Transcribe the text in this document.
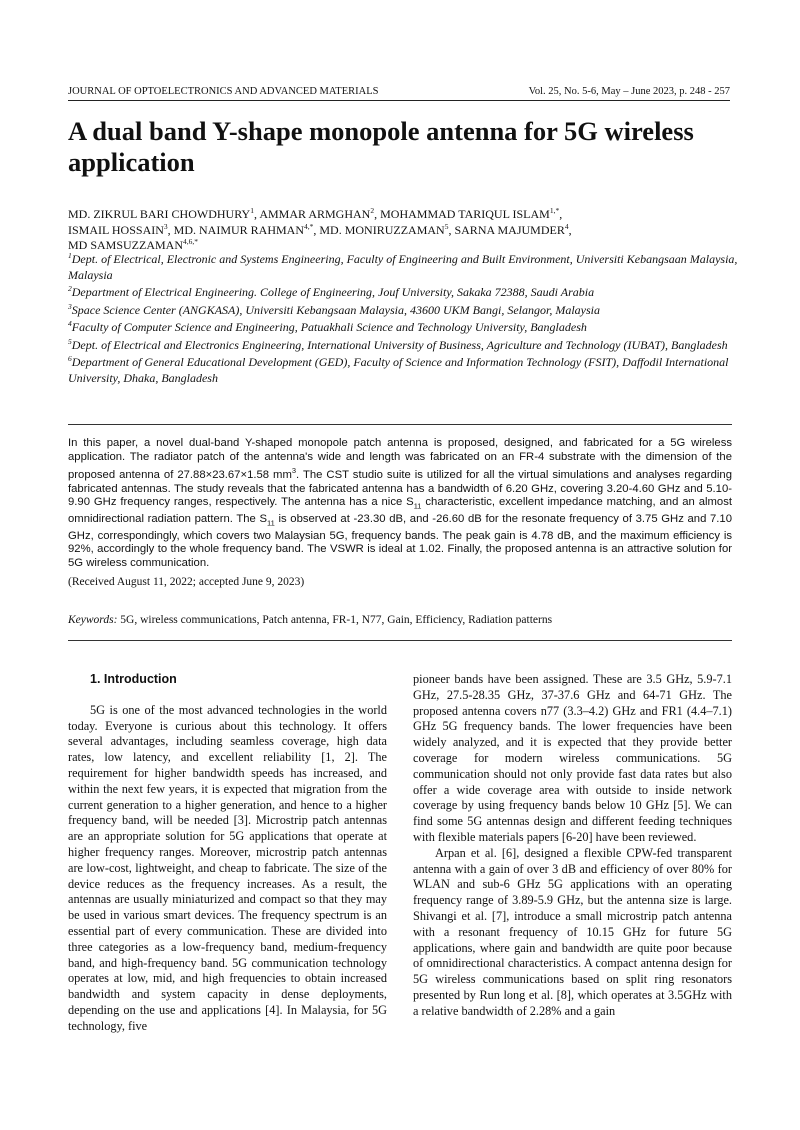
JOURNAL OF OPTOELECTRONICS AND ADVANCED MATERIALS	Vol. 25, No. 5-6, May – June 2023, p. 248 - 257
A dual band Y-shape monopole antenna for 5G wireless application
MD. ZIKRUL BARI CHOWDHURY$^1$, AMMAR ARMGHAN$^2$, MOHAMMAD TARIQUL $ISLAM^{1,*}$,
ISMAIL HOSSAIN$^3$, MD. NAIMUR $RAHMAN^{4,*}$, MD. MONIRUZZAMAN$^5$, SARNA MAJUMDER$^4$,
MD $SAMSUZZAMAN^{4,6,*}$

$^1$Dept. of Electrical, Electronic and Systems Engineering, Faculty of Engineering and Built Environment, Universiti Kebangsaan Malaysia, Malaysia

$^2$Department of Electrical Engineering. College of Engineering, Jouf University, Sakaka 72388, Saudi Arabia

$^3$Space Science Center (ANGKASA), Universiti Kebangsaan Malaysia, 43600 UKM Bangi, Selangor, Malaysia

$^4$Faculty of Computer Science and Engineering, Patuakhali Science and Technology University, Bangladesh

$^5$Dept. of Electrical and Electronics Engineering, International University of Business, Agriculture and Technology (IUBAT), Bangladesh

$^6$Department of General Educational Development (GED), Faculty of Science and Information Technology (FSIT), Daffodil International University, Dhaka, Bangladesh

In this paper, a novel dual-band Y-shaped monopole patch antenna is proposed, designed, and fabricated for a 5G wireless application. The radiator patch of the antenna's wide and length was fabricated on an FR-4 substrate with the dimension of the proposed antenna of 27.88×23.67×1.58 $mm^3$. The CST studio suite is utilized for all the virtual simulations and analyses regarding fabricated antennas. The study reveals that the fabricated antenna has a bandwidth of 6.20 GHz, covering 3.20-4.60 GHz and 5.10-9.90 GHz frequency ranges, respectively. The antenna has a nice $S_{11}$ characteristic, excellent impedance matching, and an almost omnidirectional radiation pattern. The $S_{11}$ is observed at -23.30 dB, and -26.60 dB for the resonate frequency of 3.75 GHz and 7.10 GHz, correspondingly, which covers two Malaysian 5G, frequency bands. The peak gain is 4.78 dB, and the maximum efficiency is 92%, accordingly to the whole frequency band. The VSWR is ideal at 1.02. Finally, the proposed antenna is an attractive solution for 5G wireless communication.

(Received August 11, 2022; accepted June 9, 2023)
Keywords: 5G, wireless communications, Patch antenna, FR-1, N77, Gain, Efficiency, Radiation patterns
1. Introduction

5G is one of the most advanced technologies in the world today. Everyone is curious about this technology. It offers several advantages, including seamless coverage, high data rates, low latency, and excellent reliability [1, 2]. The requirement for higher bandwidth speeds has increased, and within the next few years, it is expected that migration from the current generation to a higher generation, and hence to a higher frequency band, will be needed [3]. Microstrip patch antennas are an appropriate solution for 5G applications that operate at higher frequency ranges. Moreover, microstrip patch antennas are low-cost, lightweight, and cheap to fabricate. The size of the device reduces as the frequency increases. As a result, the antennas are usually miniaturized and compact so that they may be used in various smart devices. The frequency spectrum is an essential part of every communication. These are divided into three categories as a low-frequency band, medium-frequency band, and high-frequency band. 5G communication technology operates at low, mid, and high frequencies to obtain increased bandwidth and system capacity in dense deployments, depending on the use and applications [4]. In Malaysia, for 5G technology, five

pioneer bands have been assigned. These are 3.5 GHz, 5.9-7.1 GHz, 27.5-28.35 GHz, 37-37.6 GHz and 64-71 GHz. The proposed antenna covers n77 (3.3–4.2) GHz and FR1 (4.4–7.1) GHz 5G frequency bands. The lower frequencies have been widely analyzed, and it is expected that they provide better coverage for modern wireless communications. 5G communication should not only provide fast data rates but also offer a wide coverage area with outside to inside network coverage by using frequency bands below 10 GHz [5]. We can find some 5G antennas design and different feeding techniques with flexible materials papers [6-20] have been reviewed.

Arpan et al. [6], designed a flexible CPW-fed transparent antenna with a gain of over 3 dB and efficiency of over 80% for WLAN and sub-6 GHz 5G applications with an operating frequency range of 3.89-5.9 GHz, but the antenna size is large. Shivangi et al. [7], introduce a small microstrip patch antenna with a resonant frequency of 10.15 GHz for future 5G applications, where gain and bandwidth are quite poor because of omnidirectional characteristics. A compact antenna design for 5G wireless communications based on split ring resonators presented by Run long et al. [8], which operates at 3.5GHz with a relative bandwidth of 2.28% and a gain
